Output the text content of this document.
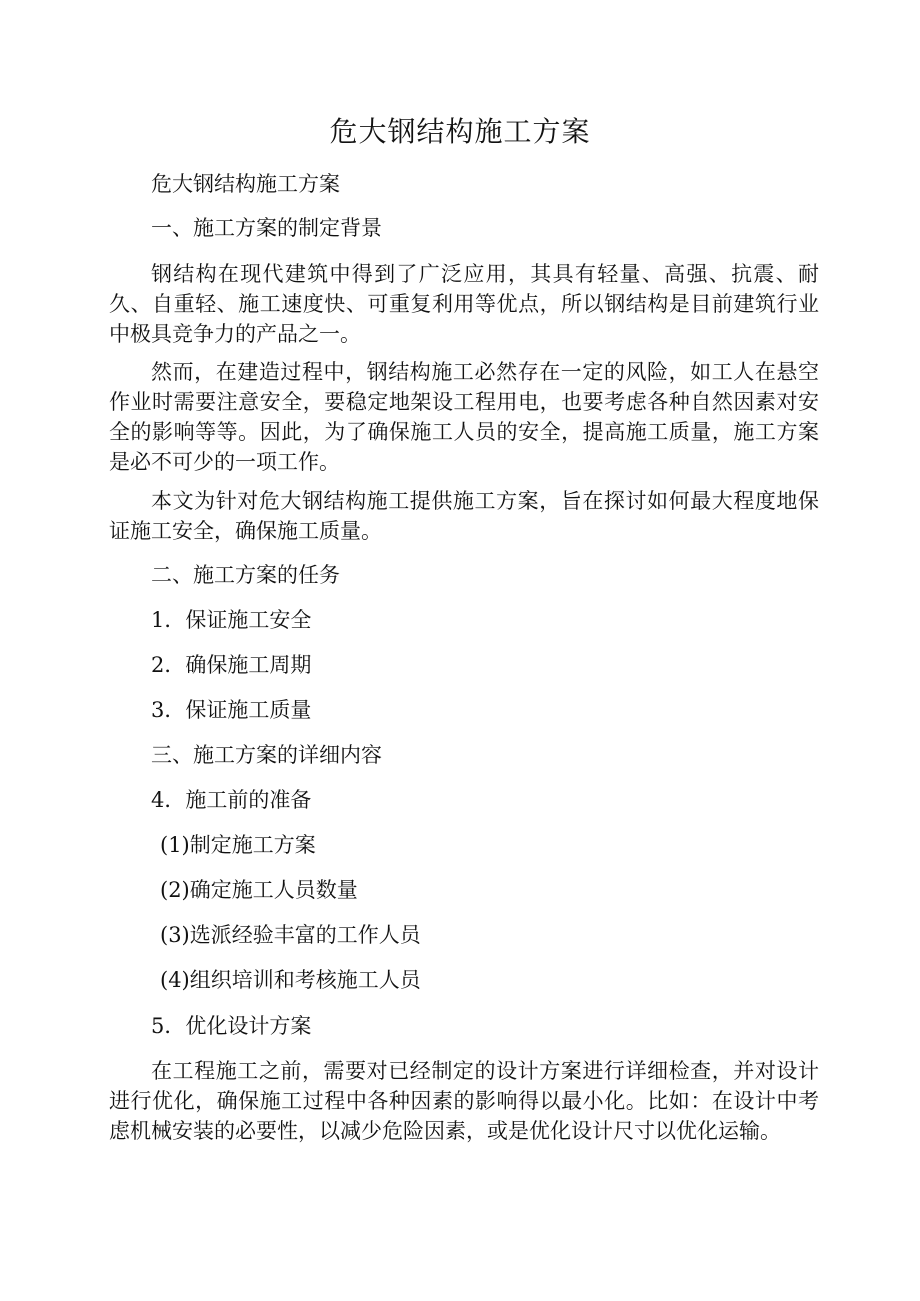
危大钢结构施工方案
危大钢结构施工方案
一、施工方案的制定背景
钢结构在现代建筑中得到了广泛应用，其具有轻量、高强、抗震、耐久、自重轻、施工速度快、可重复利用等优点，所以钢结构是目前建筑行业中极具竞争力的产品之一。
然而，在建造过程中，钢结构施工必然存在一定的风险，如工人在悬空作业时需要注意安全，要稳定地架设工程用电，也要考虑各种自然因素对安全的影响等等。因此，为了确保施工人员的安全，提高施工质量，施工方案是必不可少的一项工作。
本文为针对危大钢结构施工提供施工方案，旨在探讨如何最大程度地保证施工安全，确保施工质量。
二、施工方案的任务
1．保证施工安全
2．确保施工周期
3．保证施工质量
三、施工方案的详细内容
4．施工前的准备
(1)制定施工方案
(2)确定施工人员数量
(3)选派经验丰富的工作人员
(4)组织培训和考核施工人员
5．优化设计方案
在工程施工之前，需要对已经制定的设计方案进行详细检查，并对设计进行优化，确保施工过程中各种因素的影响得以最小化。比如：在设计中考虑机械安装的必要性，以减少危险因素，或是优化设计尺寸以优化运输。
